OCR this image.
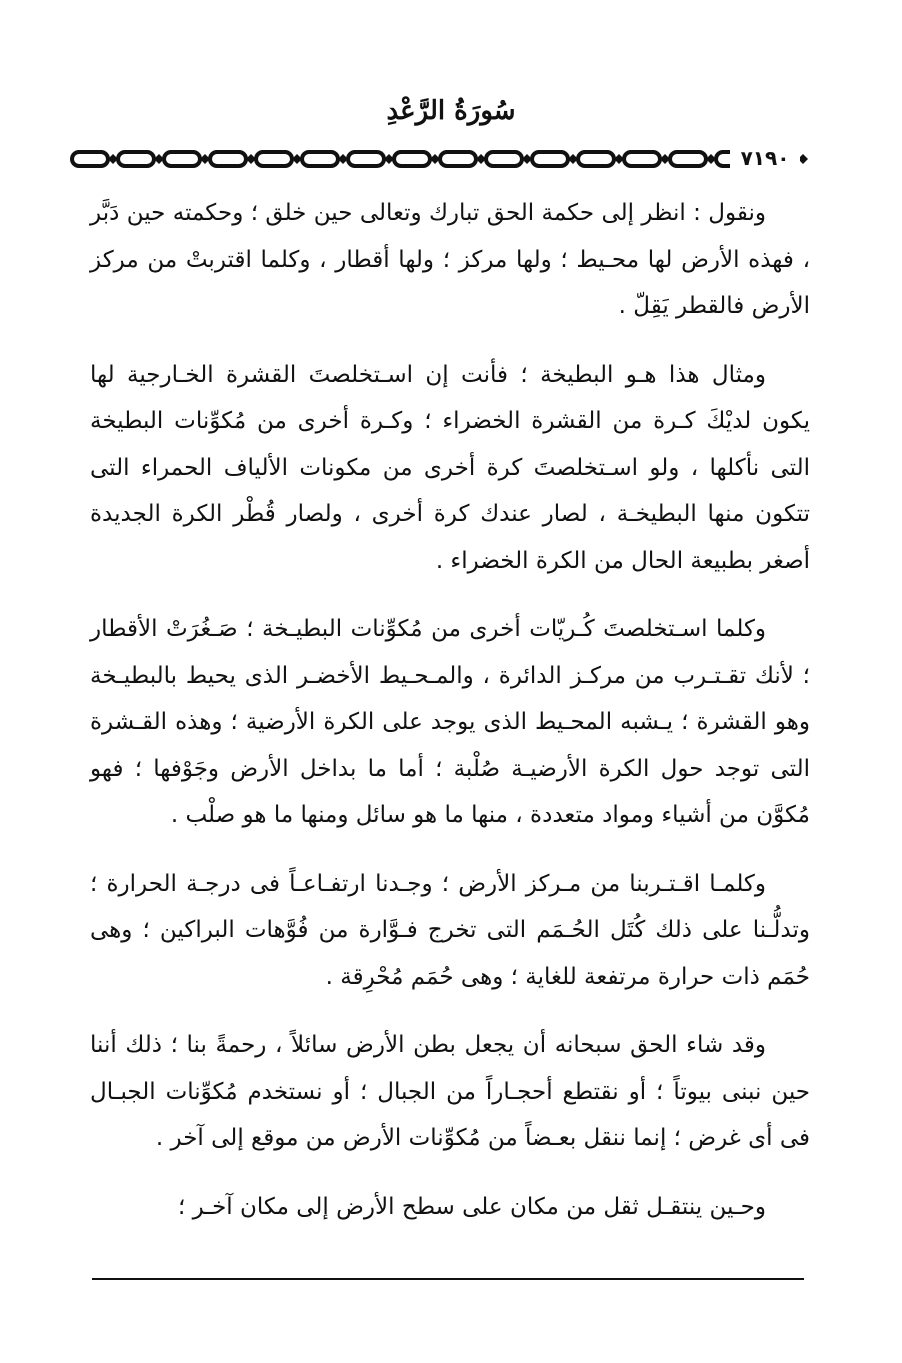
سُورَةُ الرَّعْدِ
٧١٩٠

ونقول : انظر إلى حكمة الحق تبارك وتعالى حين خلق ؛ وحكمته حين دَبَّر ، فهذه الأرض لها محـيط ؛ ولها مركز ؛ ولها أقطار ، وكلما اقتربتْ من مركز الأرض فالقطر يَقِلّ .

ومثال هذا هـو البطيخة ؛ فأنت إن اسـتخلصتَ القشرة الخـارجية لها يكون لديْكَ كـرة من القشرة الخضراء ؛ وكـرة أخرى من مُكوِّنات البطيخة التى نأكلها ، ولو اسـتخلصتَ كرة أخرى من مكونات الألياف الحمراء التى تتكون منها البطيخـة ، لصار عندك كرة أخرى ، ولصار قُطْر الكرة الجديدة أصغر بطبيعة الحال من الكرة الخضراء .

وكلما اسـتخلصتَ كُـريّات أخرى من مُكوِّنات البطيـخة ؛ صَـغُرَتْ الأقطار ؛ لأنك تقـتـرب من مركـز الدائرة ، والمـحـيط الأخضـر الذى يحيط بالبطيـخة وهو القشرة ؛ يـشبه المحـيط الذى يوجد على الكرة الأرضية ؛ وهذه القـشرة التى توجد حول الكرة الأرضيـة صُلْبة ؛ أما ما بداخل الأرض وجَوْفها ؛ فهو مُكوَّن من أشياء ومواد متعددة ، منها ما هو سائل ومنها ما هو صلْب .

وكلمـا اقـتـربنا من مـركز الأرض ؛ وجـدنا ارتفـاعـاً فى درجـة الحرارة ؛ وتدلُّـنا على ذلك كُتَل الحُـمَم التى تخرج فـوَّارة من فُوَّهات البراكين ؛ وهى حُمَم ذات حرارة مرتفعة للغاية ؛ وهى حُمَم مُحْرِقة .

وقد شاء الحق سبحانه أن يجعل بطن الأرض سائلاً ، رحمةً بنا ؛ ذلك أننا حين نبنى بيوتاً ؛ أو نقتطع أحجـاراً من الجبال ؛ أو نستخدم مُكوِّنات الجبـال فى أى غرض ؛ إنما ننقل بعـضاً من مُكوِّنات الأرض من موقع إلى آخر .

وحـين ينتقـل ثقل من مكان على سطح الأرض إلى مكان آخـر ؛
